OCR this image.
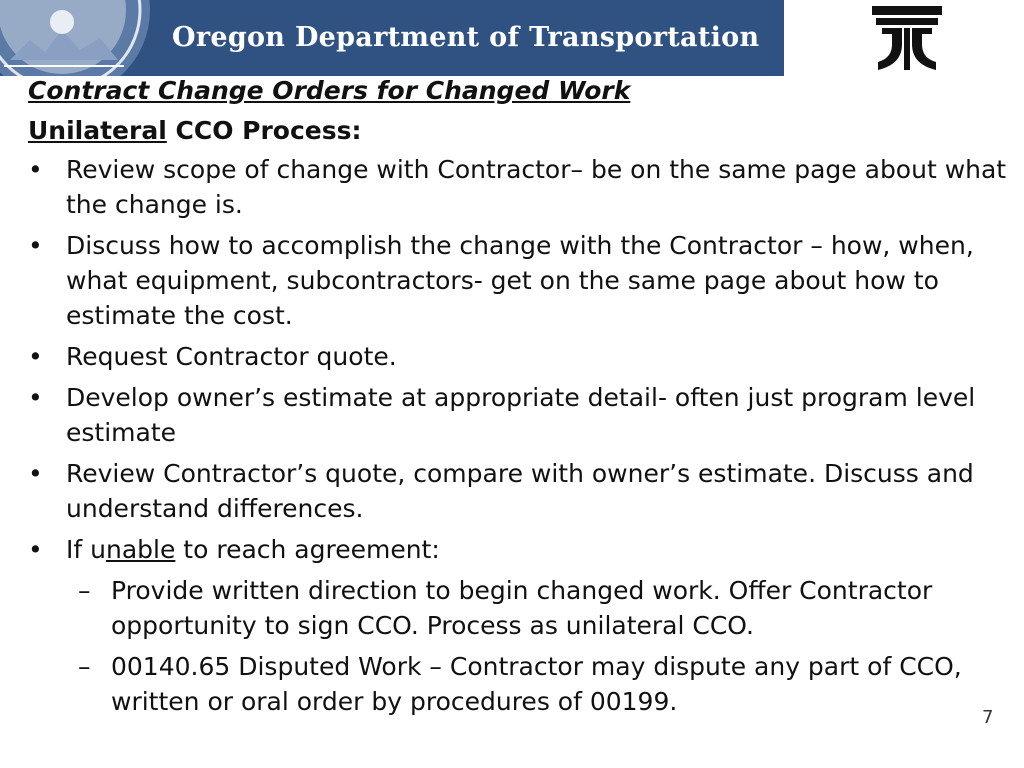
Oregon Department of Transportation
Contract Change Orders for Changed Work
Unilateral CCO Process:
• Review scope of change with Contractor– be on the same page about what the change is.
• Discuss how to accomplish the change with the Contractor – how, when, what equipment, subcontractors- get on the same page about how to estimate the cost.
• Request Contractor quote.
• Develop owner’s estimate at appropriate detail- often just program level estimate
• Review Contractor’s quote, compare with owner’s estimate. Discuss and understand differences.
• If unable to reach agreement:
– Provide written direction to begin changed work. Offer Contractor opportunity to sign CCO. Process as unilateral CCO.
– 00140.65 Disputed Work – Contractor may dispute any part of CCO, written or oral order by procedures of 00199.
7
